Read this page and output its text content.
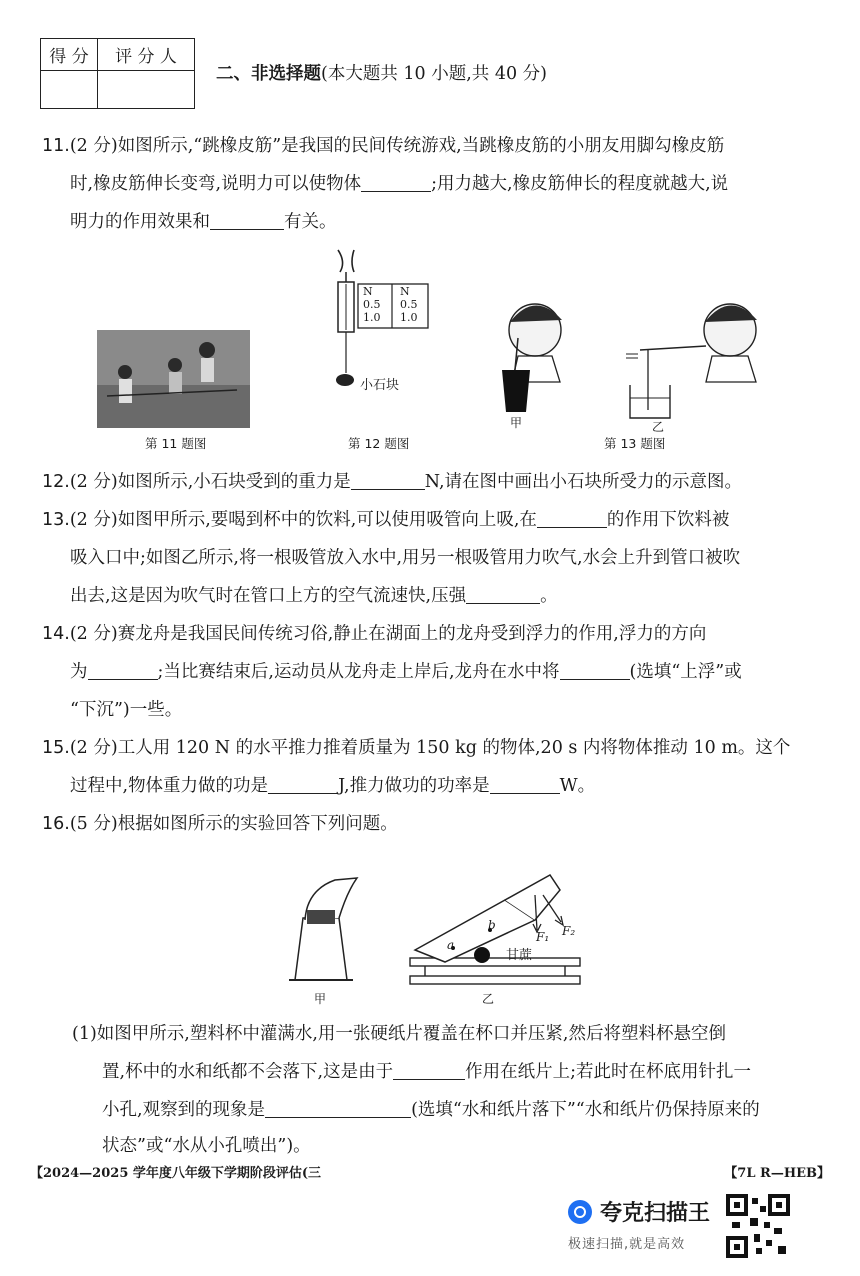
得 分	评 分 人

二、非选择题(本大题共 10 小题,共 40 分)
11.(2 分)如图所示,“跳橡皮筋”是我国的民间传统游戏,当跳橡皮筋的小朋友用脚勾橡皮筋
时,橡皮筋伸长变弯,说明力可以使物体	;用力越大,橡皮筋伸长的程度就越大,说
明力的作用效果和	有关。
第 11 题图
N
0.5
1.0
N
0.5
1.0
小石块
第 12 题图
甲	乙
第 13 题图
12.(2 分)如图所示,小石块受到的重力是	N,请在图中画出小石块所受力的示意图。
13.(2 分)如图甲所示,要喝到杯中的饮料,可以使用吸管向上吸,在	的作用下饮料被
吸入口中;如图乙所示,将一根吸管放入水中,用另一根吸管用力吹气,水会上升到管口被吹
出去,这是因为吹气时在管口上方的空气流速快,压强	。
14.(2 分)赛龙舟是我国民间传统习俗,静止在湖面上的龙舟受到浮力的作用,浮力的方向
为	;当比赛结束后,运动员从龙舟走上岸后,龙舟在水中将	(选填“上浮”或
“下沉”)一些。
15.(2 分)工人用 120 N 的水平推力推着质量为 150 kg 的物体,20 s 内将物体推动 10 m。这个
过程中,物体重力做的功是	J,推力做功的功率是	W。
16.(5 分)根据如图所示的实验回答下列问题。
甲	乙
甘蔗
a
b
F₁ F₂
(1)如图甲所示,塑料杯中灌满水,用一张硬纸片覆盖在杯口并压紧,然后将塑料杯悬空倒
置,杯中的水和纸都不会落下,这是由于	作用在纸片上;若此时在杯底用针扎一
小孔,观察到的现象是	(选填“水和纸片落下”“水和纸片仍保持原来的
状态”或“水从小孔喷出”)。
【2024—2025 学年度八年级下学期阶段评估(三	【7L R—HEB】
夸克扫描王
极速扫描,就是高效
